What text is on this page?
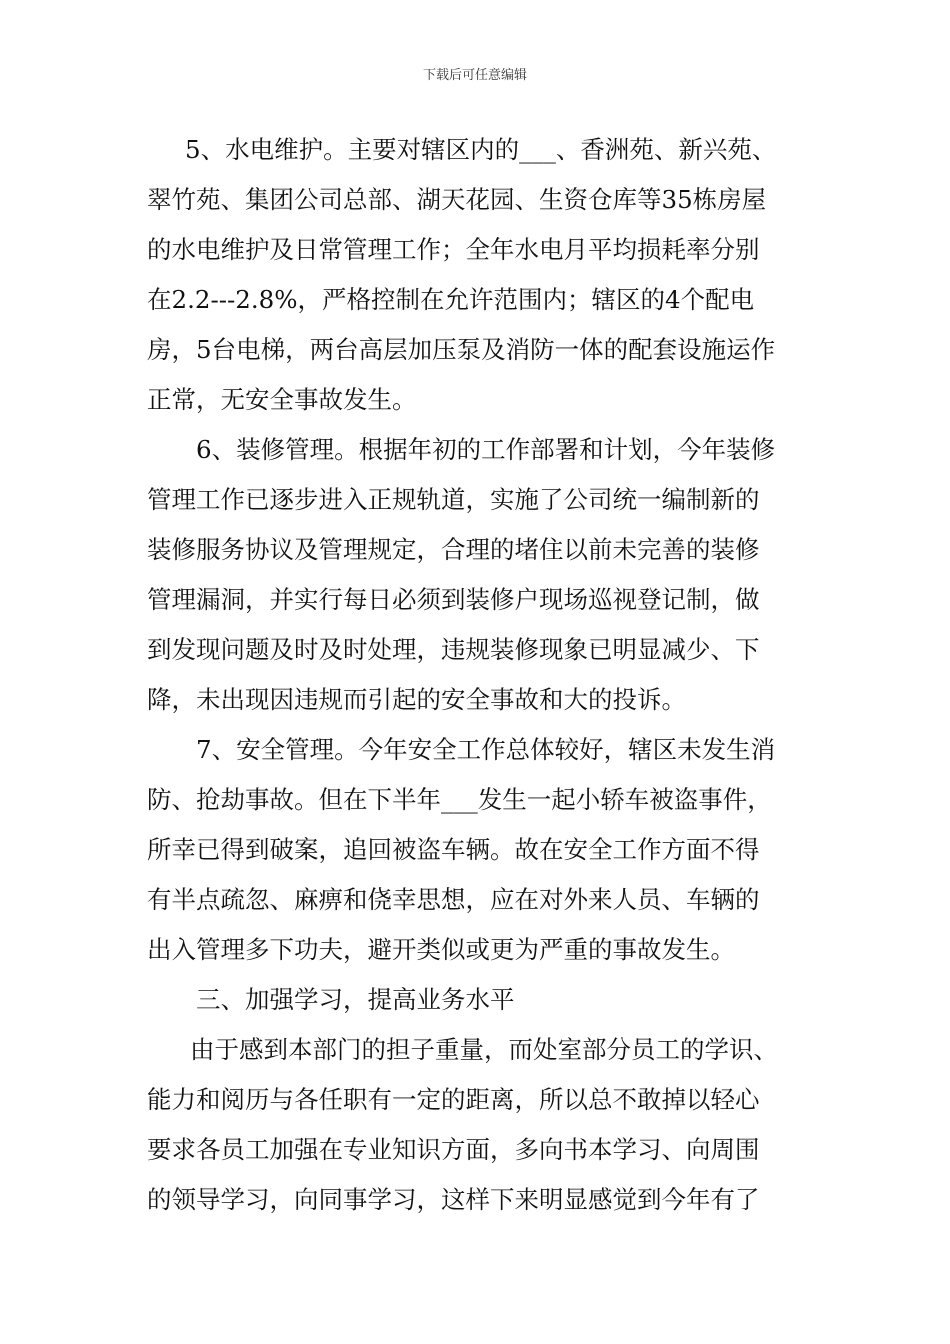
下载后可任意编辑
5、水电维护。主要对辖区内的___、香洲苑、新兴苑、
翠竹苑、集团公司总部、湖天花园、生资仓库等35栋房屋
的水电维护及日常管理工作；全年水电月平均损耗率分别
在2.2---2.8%，严格控制在允许范围内；辖区的4个配电
房，5台电梯，两台高层加压泵及消防一体的配套设施运作
正常，无安全事故发生。
6、装修管理。根据年初的工作部署和计划，今年装修
管理工作已逐步进入正规轨道，实施了公司统一编制新的
装修服务协议及管理规定，合理的堵住以前未完善的装修
管理漏洞，并实行每日必须到装修户现场巡视登记制，做
到发现问题及时及时处理，违规装修现象已明显减少、下
降，未出现因违规而引起的安全事故和大的投诉。
7、安全管理。今年安全工作总体较好，辖区未发生消
防、抢劫事故。但在下半年___发生一起小轿车被盗事件，
所幸已得到破案，追回被盗车辆。故在安全工作方面不得
有半点疏忽、麻痹和侥幸思想，应在对外来人员、车辆的
出入管理多下功夫，避开类似或更为严重的事故发生。
三、加强学习，提高业务水平
由于感到本部门的担子重量，而处室部分员工的学识、
能力和阅历与各任职有一定的距离，所以总不敢掉以轻心
要求各员工加强在专业知识方面，多向书本学习、向周围
的领导学习，向同事学习，这样下来明显感觉到今年有了
